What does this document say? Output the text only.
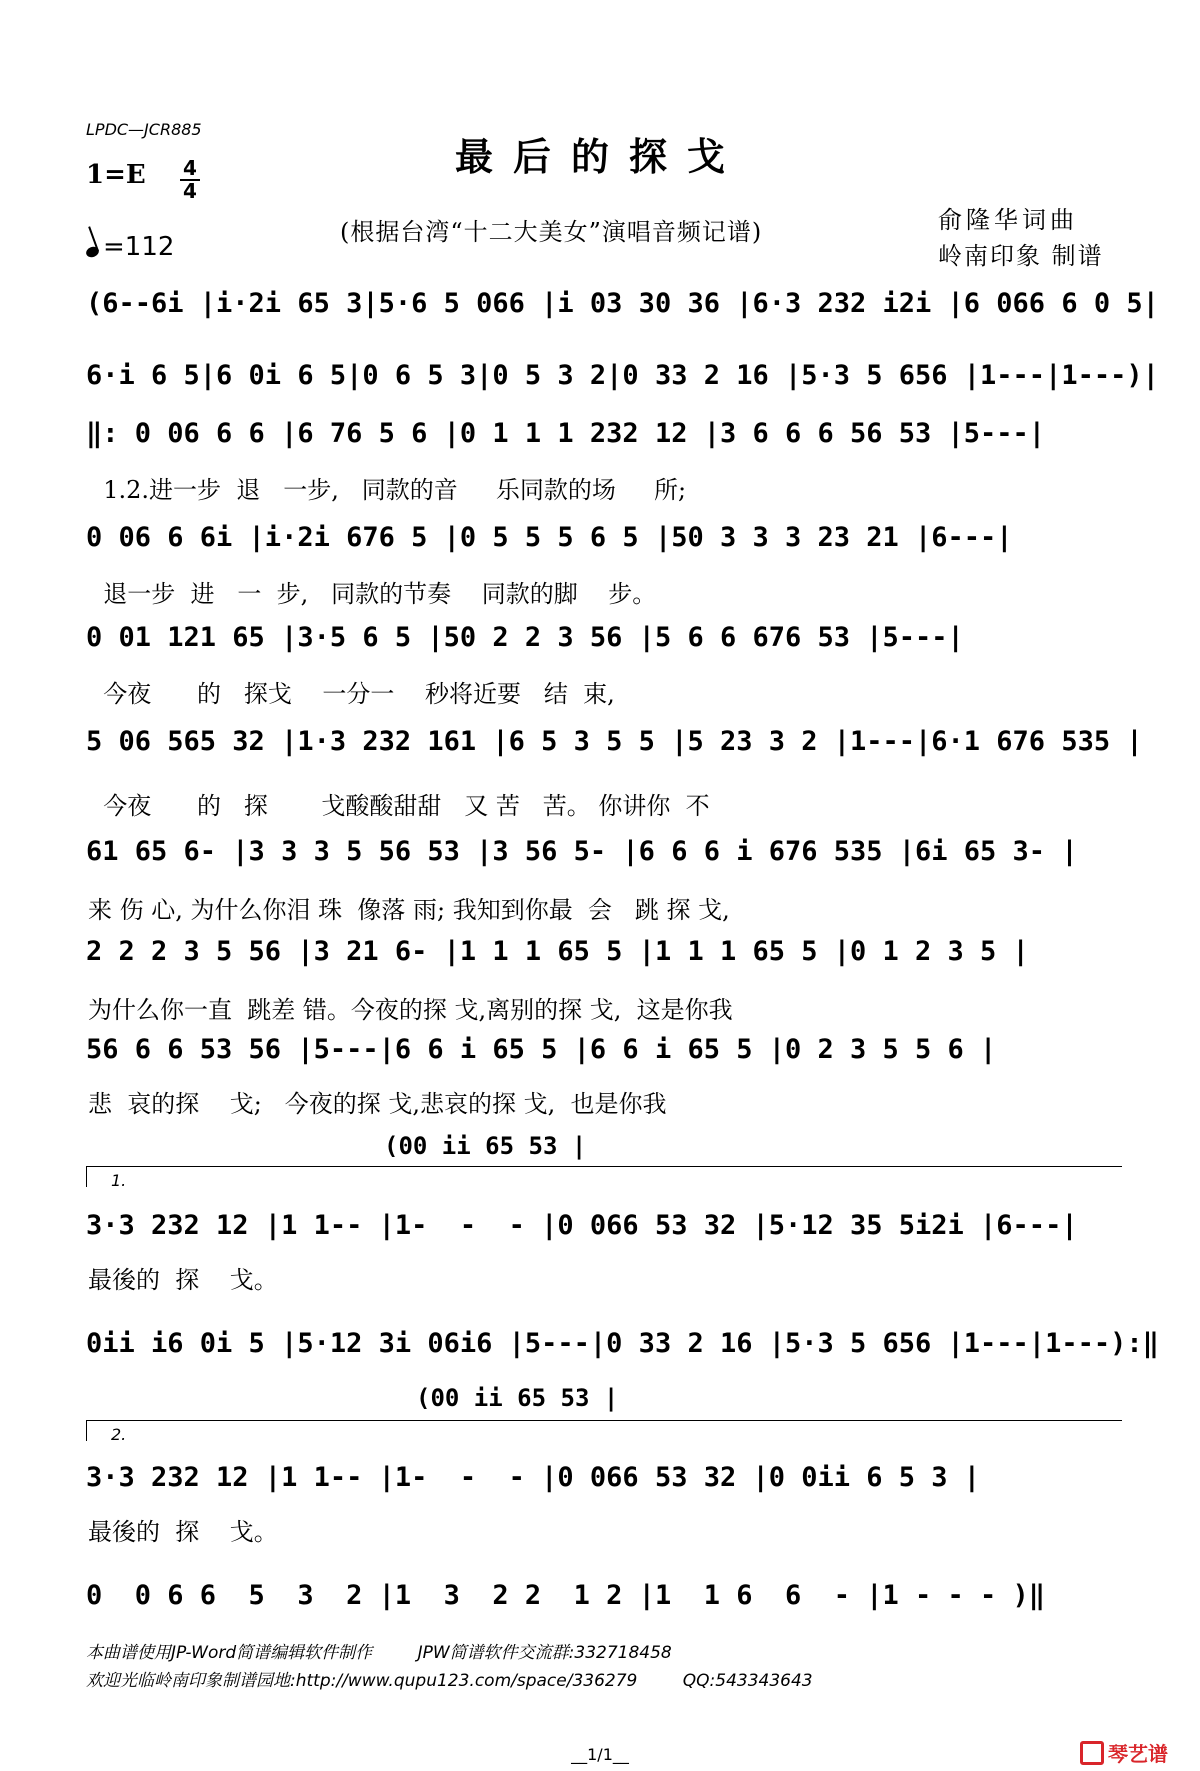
LPDC—JCR885
最后的探戈
1=E 4
4
=112	(根据台湾“十二大美女”演唱音频记谱)	俞隆华词曲
岭南印象 制谱
(6--6i |i·2i 65 3|5·6 5 066 |i 03 30 36 |6·3 232 i2i |6 066 6 0 5|
6·i 6 5|6 0i 6 5|0 6 5 3|0 5 3 2|0 33 2 16 |5·3 5 656 |1---|1---)|
‖: 0 06 6 6 |6 76 5 6 |0 1 1 1 232 12 |3 6 6 6 56 53 |5---|
1.2.进一步  退   一步,   同款的音     乐同款的场     所;
0 06 6 6i |i·2i 676 5 |0 5 5 5 6 5 |50 3 3 3 23 21 |6---|
退一步  进   一  步,   同款的节奏    同款的脚    步。
0 01 121 65 |3·5 6 5 |50 2 2 3 56 |5 6 6 676 53 |5---|
今夜      的   探戈    一分一    秒将近要   结  束,
5 06 565 32 |1·3 232 161 |6 5 3 5 5 |5 23 3 2 |1---|6·1 676 535 |
今夜      的   探       戈酸酸甜甜   又 苦   苦。 你讲你  不
61 65 6- |3 3 3 5 56 53 |3 56 5- |6 6 6 i 676 535 |6i 65 3- |
来 伤 心, 为什么你泪 珠  像落 雨; 我知到你最  会   跳 探 戈,
2 2 2 3 5 56 |3 21 6- |1 1 1 65 5 |1 1 1 65 5 |0 1 2 3 5 |
为什么你一直  跳差 错。今夜的探 戈,离别的探 戈,  这是你我
56 6 6 53 56 |5---|6 6 i 65 5 |6 6 i 65 5 |0 2 3 5 5 6 |
悲  哀的探    戈;   今夜的探 戈,悲哀的探 戈,  也是你我
(00 ii 65 53 |
1.
3·3 232 12 |1 1-- |1-  -  - |0 066 53 32 |5·12 35 5i2i |6---|
最後的  探    戈。
0ii i6 0i 5 |5·12 3i 06i6 |5---|0 33 2 16 |5·3 5 656 |1---|1---):‖
(00 ii 65 53 |
2.
3·3 232 12 |1 1-- |1-  -  - |0 066 53 32 |0 0ii 6 5 3 |
最後的  探    戈。
0  0 6 6  5  3  2 |1  3  2 2  1 2 |1  1 6  6  - |1 - - - )‖
本曲谱使用JP-Word简谱编辑软件制作	JPW简谱软件交流群:332718458
欢迎光临岭南印象制谱园地:http://www.qupu123.com/space/336279	QQ:543343643
__1/1__	琴艺谱
